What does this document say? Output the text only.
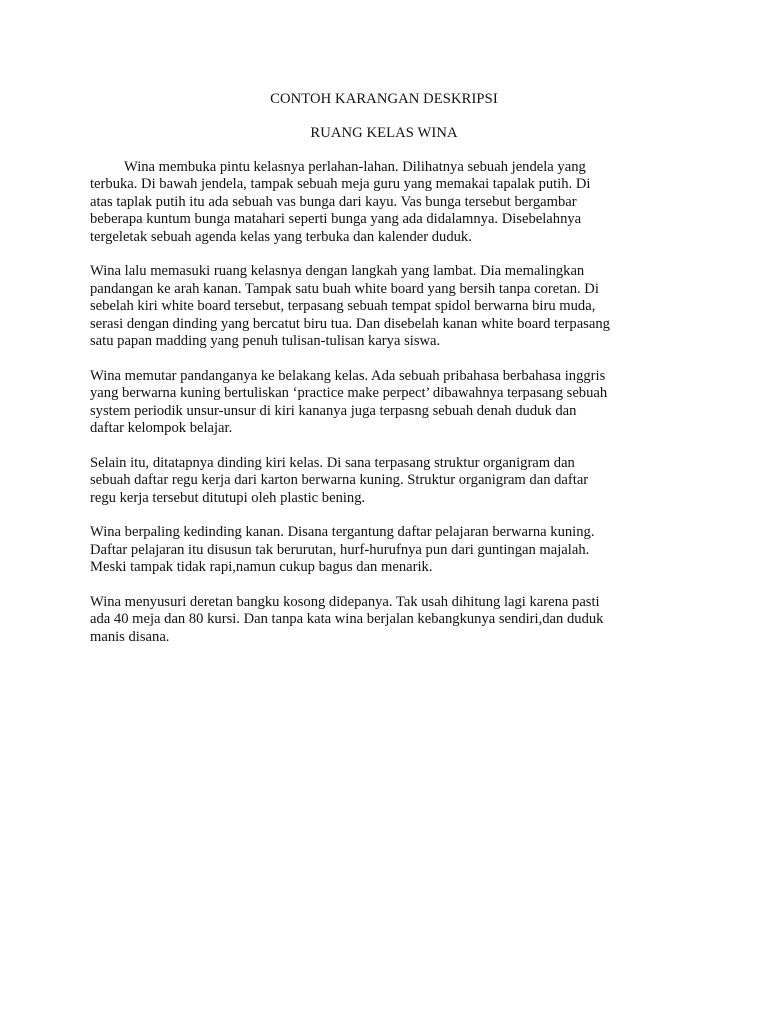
CONTOH KARANGAN DESKRIPSI
RUANG KELAS WINA

Wina membuka pintu kelasnya perlahan-lahan. Dilihatnya sebuah jendela yang
terbuka. Di bawah jendela, tampak sebuah meja guru yang memakai tapalak putih. Di
atas taplak putih itu ada sebuah vas bunga dari kayu. Vas bunga tersebut bergambar
beberapa kuntum bunga matahari seperti bunga yang ada didalamnya. Disebelahnya
tergeletak sebuah agenda kelas yang terbuka dan kalender duduk.

Wina lalu memasuki ruang kelasnya dengan langkah yang lambat. Dia memalingkan
pandangan ke arah kanan. Tampak satu buah white board yang bersih tanpa coretan. Di
sebelah kiri white board tersebut, terpasang sebuah tempat spidol berwarna biru muda,
serasi dengan dinding yang bercatut biru tua. Dan disebelah kanan white board terpasang
satu papan madding yang penuh tulisan-tulisan karya siswa.

Wina memutar pandanganya ke belakang kelas. Ada sebuah pribahasa berbahasa inggris
yang berwarna kuning bertuliskan ‘practice make perpect’ dibawahnya terpasang sebuah
system periodik unsur-unsur di kiri kananya juga terpasng sebuah denah duduk dan
daftar kelompok belajar.

Selain itu, ditatapnya dinding kiri kelas. Di sana terpasang struktur organigram dan
sebuah daftar regu kerja dari karton berwarna kuning. Struktur organigram dan daftar
regu kerja tersebut ditutupi oleh plastic bening.

Wina berpaling kedinding kanan. Disana tergantung daftar pelajaran berwarna kuning.
Daftar pelajaran itu disusun tak berurutan, hurf-hurufnya pun dari guntingan majalah.
Meski tampak tidak rapi,namun cukup bagus dan menarik.

Wina menyusuri deretan bangku kosong didepanya. Tak usah dihitung lagi karena pasti
ada 40 meja dan 80 kursi. Dan tanpa kata wina berjalan kebangkunya sendiri,dan duduk
manis disana.
